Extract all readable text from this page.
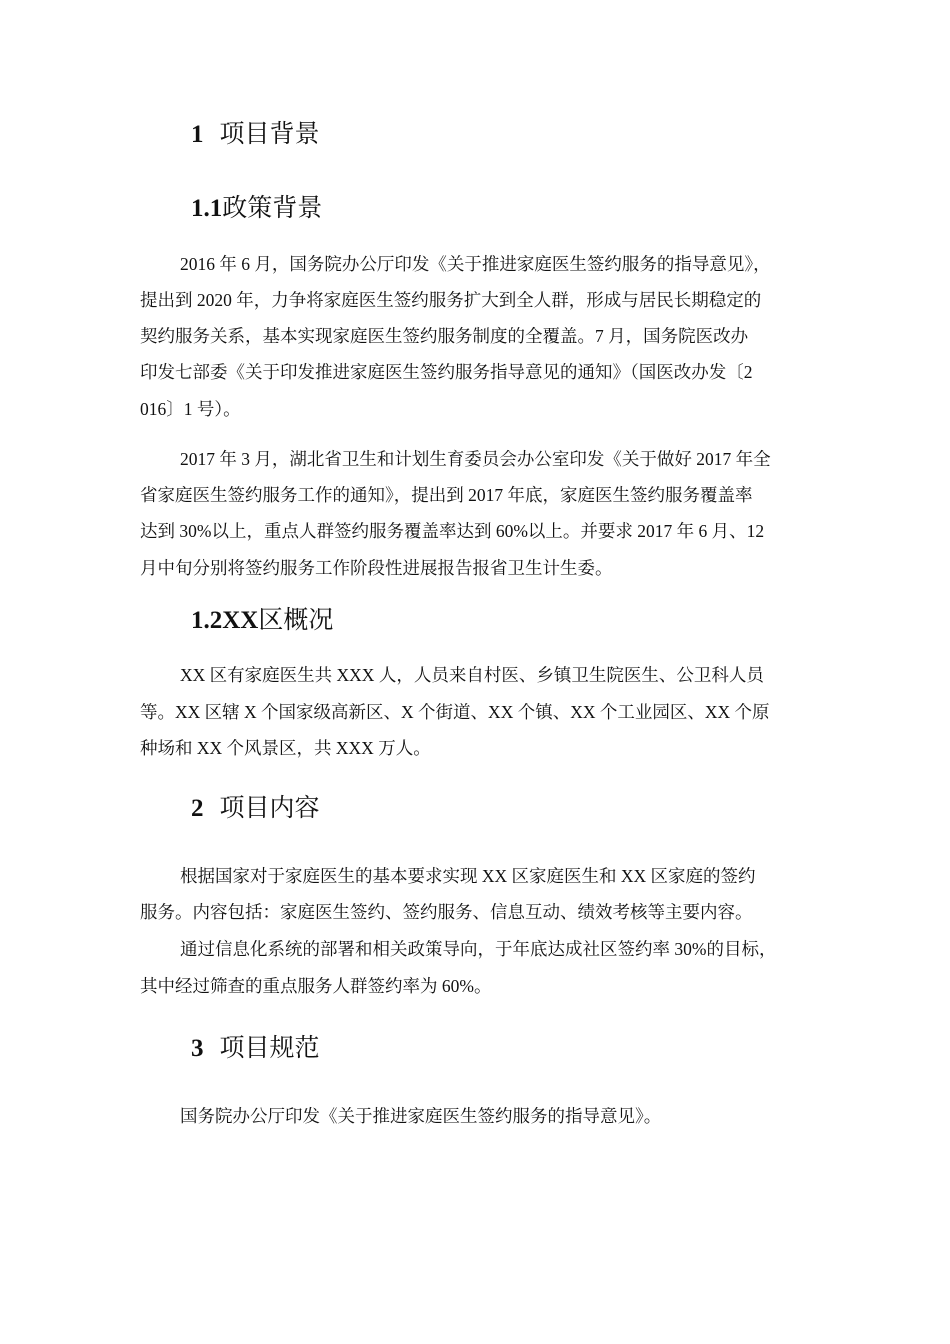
1 项目背景
1.1政策背景
2016 年 6 月，国务院办公厅印发《关于推进家庭医生签约服务的指导意见》，
提出到 2020 年，力争将家庭医生签约服务扩大到全人群，形成与居民长期稳定的
契约服务关系，基本实现家庭医生签约服务制度的全覆盖。7 月，国务院医改办
印发七部委《关于印发推进家庭医生签约服务指导意见的通知》（国医改办发〔2
016〕1 号）。
2017 年 3 月，湖北省卫生和计划生育委员会办公室印发《关于做好 2017 年全
省家庭医生签约服务工作的通知》，提出到 2017 年底，家庭医生签约服务覆盖率
达到 30%以上，重点人群签约服务覆盖率达到 60%以上。并要求 2017 年 6 月、12
月中旬分别将签约服务工作阶段性进展报告报省卫生计生委。
1.2XX区概况
XX 区有家庭医生共 XXX 人，人员来自村医、乡镇卫生院医生、公卫科人员
等。XX 区辖 X 个国家级高新区、X 个街道、XX 个镇、XX 个工业园区、XX 个原
种场和 XX 个风景区，共 XXX 万人。
2 项目内容
根据国家对于家庭医生的基本要求实现 XX 区家庭医生和 XX 区家庭的签约
服务。内容包括：家庭医生签约、签约服务、信息互动、绩效考核等主要内容。
通过信息化系统的部署和相关政策导向，于年底达成社区签约率 30%的目标，
其中经过筛查的重点服务人群签约率为 60%。
3 项目规范
国务院办公厅印发《关于推进家庭医生签约服务的指导意见》。
